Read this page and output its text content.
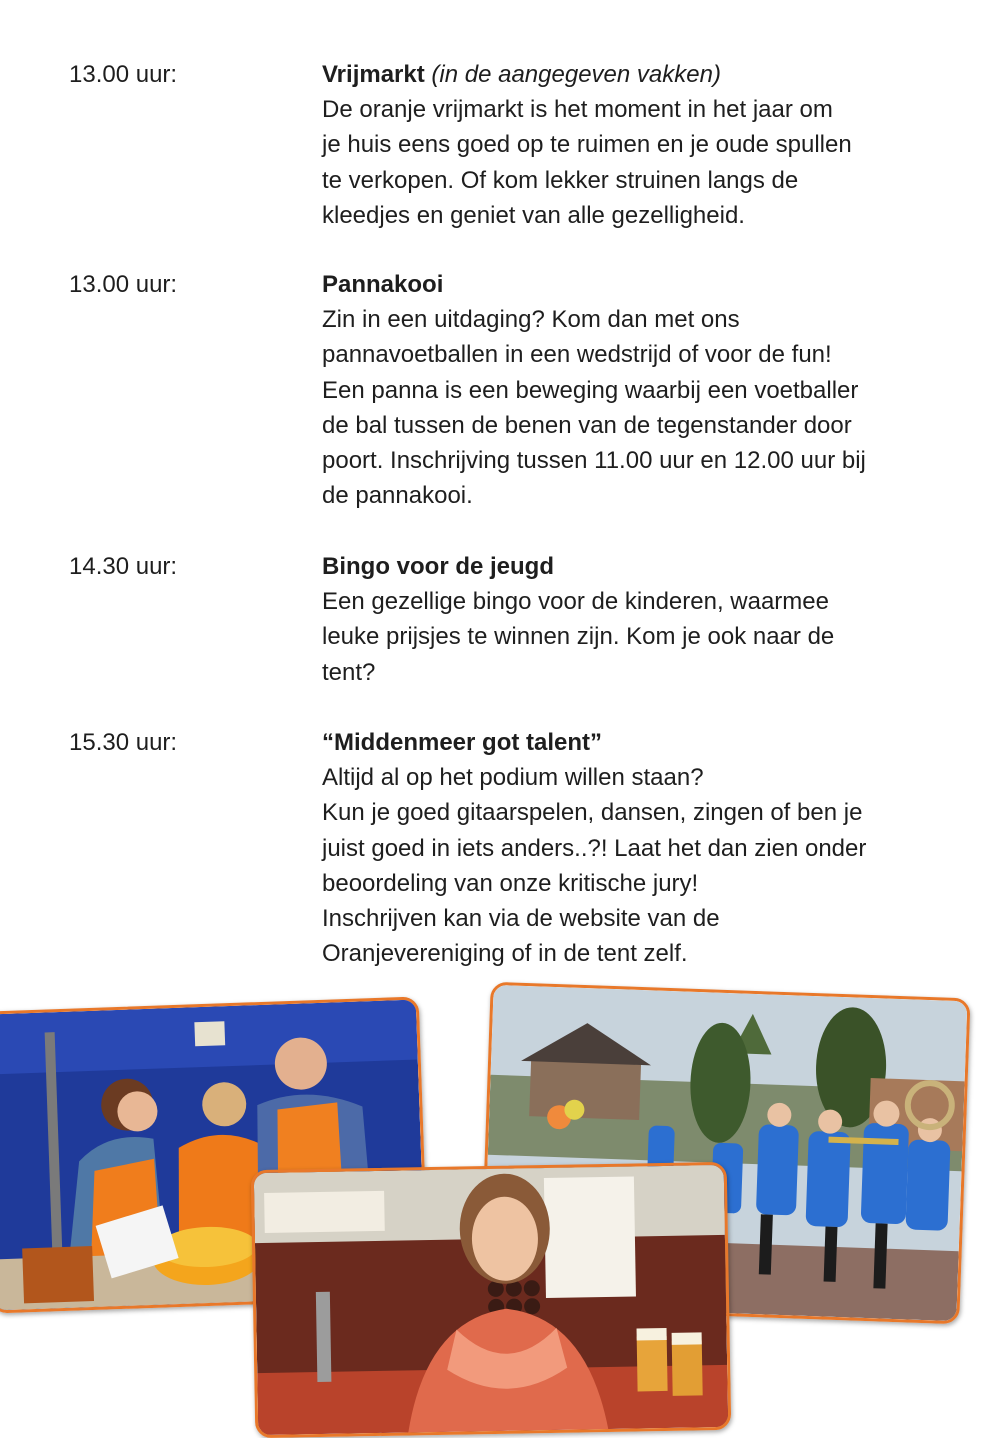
13.00 uur:	Vrijmarkt (in de aangegeven vakken)
De oranje vrijmarkt is het moment in het jaar om
je huis eens goed op te ruimen en je oude spullen
te verkopen. Of kom lekker struinen langs de
kleedjes en geniet van alle gezelligheid.
13.00 uur:	Pannakooi
Zin in een uitdaging? Kom dan met ons
pannavoetballen in een wedstrijd of voor de fun!
Een panna is een beweging waarbij een voetballer
de bal tussen de benen van de tegenstander door
poort. Inschrijving tussen 11.00 uur en 12.00 uur bij
de pannakooi.
14.30 uur:	Bingo voor de jeugd
Een gezellige bingo voor de kinderen, waarmee
leuke prijsjes te winnen zijn. Kom je ook naar de
tent?
15.30 uur:	“Middenmeer got talent”
Altijd al op het podium willen staan?
Kun je goed gitaarspelen, dansen, zingen of ben je
juist goed in iets anders..?! Laat het dan zien onder
beoordeling van onze kritische jury!
Inschrijven kan via de website van de
Oranjevereniging of in de tent zelf.
